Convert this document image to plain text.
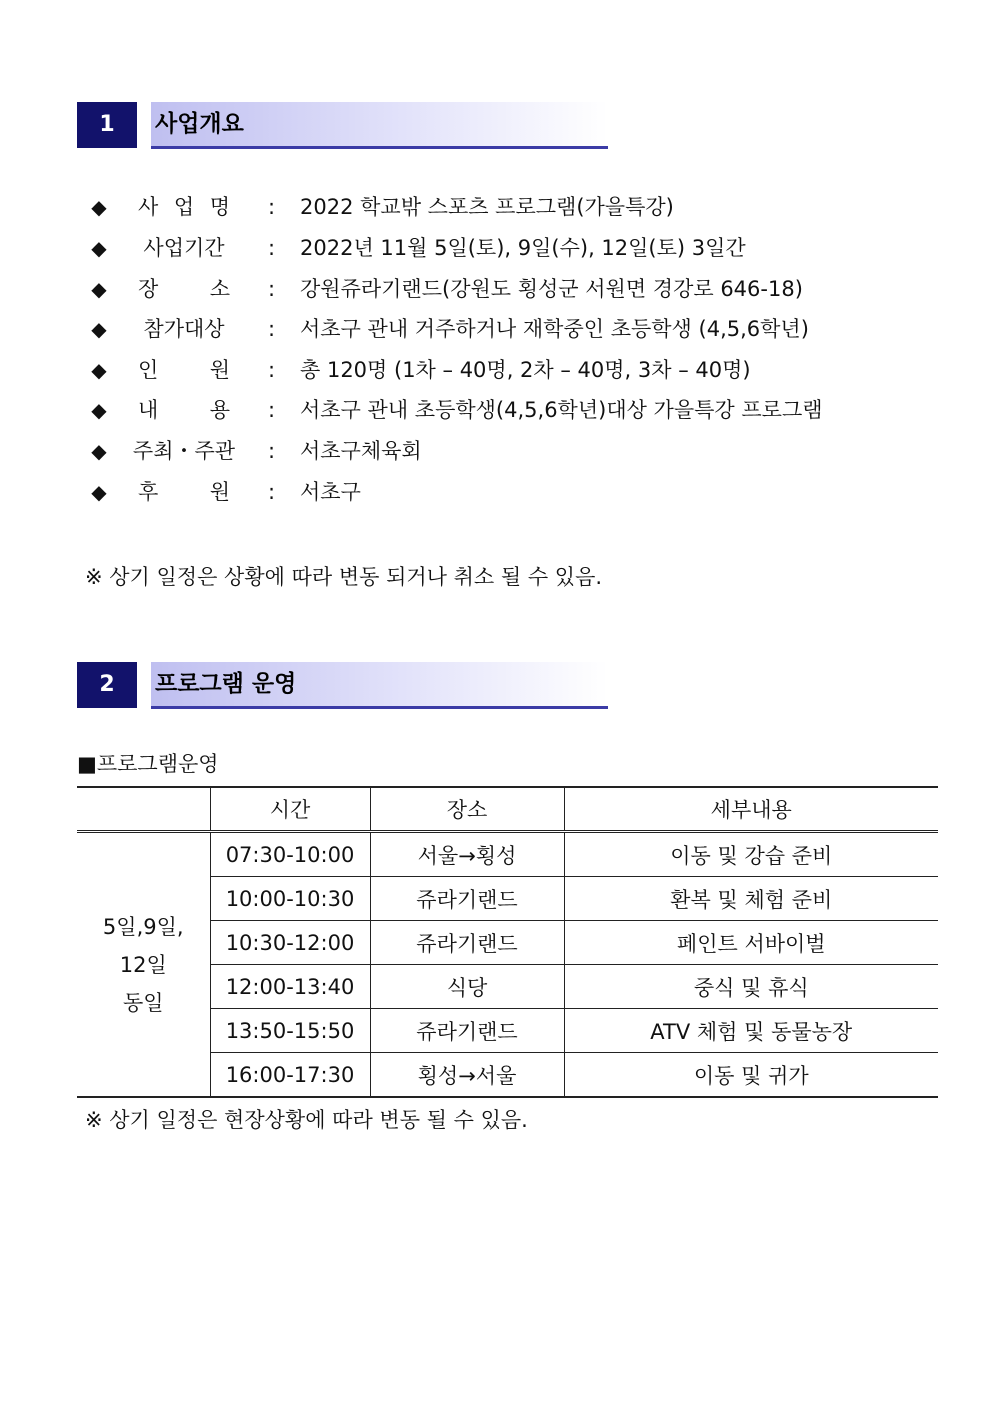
1	사업개요
◆ 사 업 명 : 2022 학교밖 스포츠 프로그램(가을특강)
◆ 사업기간 : 2022년 11월 5일(토), 9일(수), 12일(토) 3일간
◆ 장 소 : 강원쥬라기랜드(강원도 횡성군 서원면 경강로 646-18)
◆ 참가대상 : 서초구 관내 거주하거나 재학중인 초등학생 (4,5,6학년)
◆ 인 원 : 총 120명 (1차 – 40명, 2차 – 40명, 3차 – 40명)
◆ 내 용 : 서초구 관내 초등학생(4,5,6학년)대상 가을특강 프로그램
◆ 주최・주관 : 서초구체육회
◆ 후 원 : 서초구
※ 상기 일정은 상황에 따라 변동 되거나 취소 될 수 있음.
2	프로그램 운영
■프로그램운영
	시간	장소	세부내용

5일,9일,
12일
동일	07:30-10:00	서울→횡성	이동 및 강습 준비
	10:00-10:30	쥬라기랜드	환복 및 체험 준비
	10:30-12:00	쥬라기랜드	페인트 서바이벌
	12:00-13:40	식당	중식 및 휴식
	13:50-15:50	쥬라기랜드	ATV 체험 및 동물농장
	16:00-17:30	횡성→서울	이동 및 귀가
※ 상기 일정은 현장상황에 따라 변동 될 수 있음.
